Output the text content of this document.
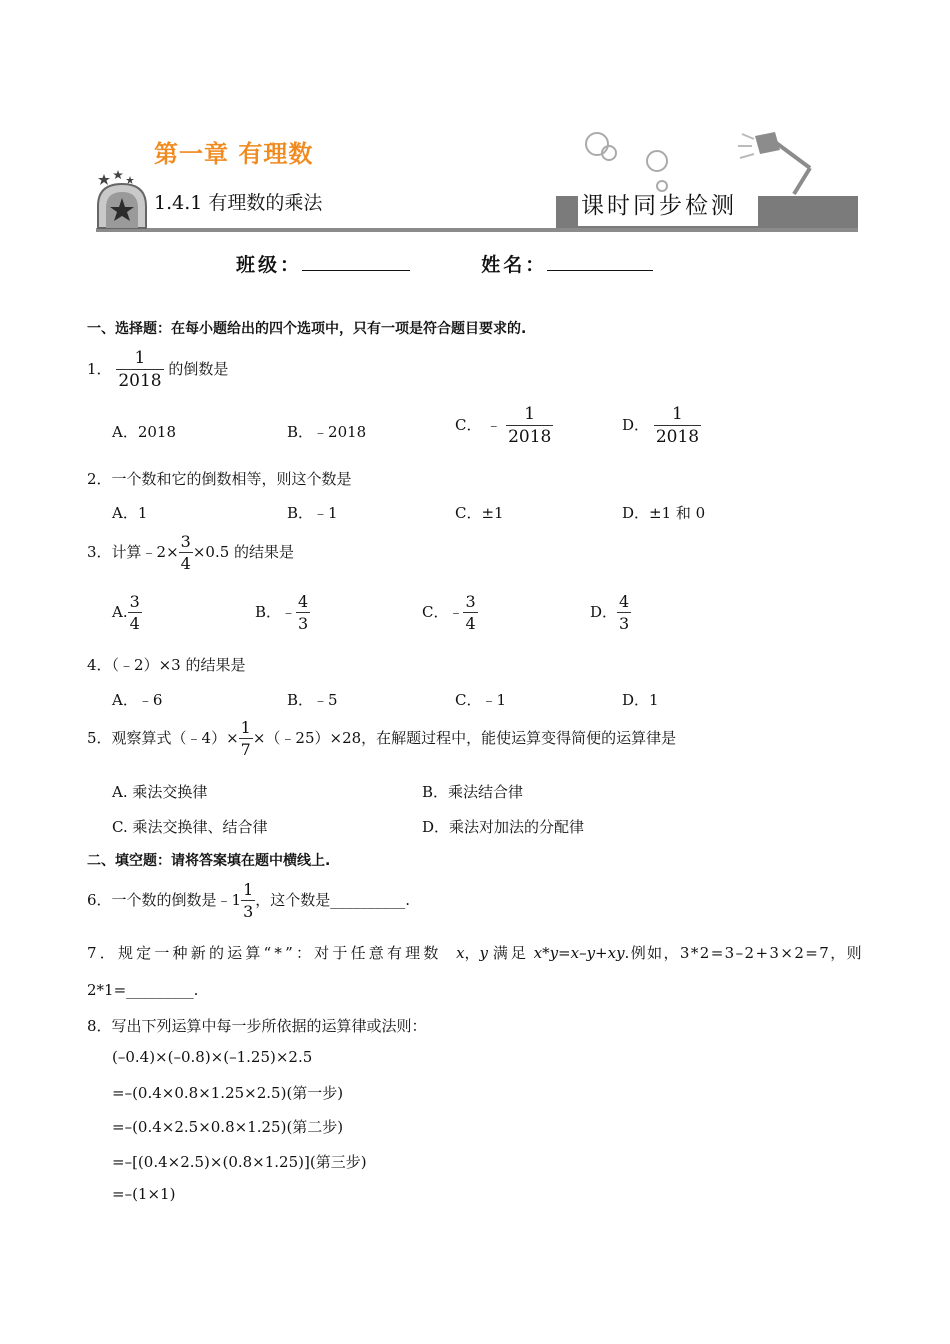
第一章 有理数
1.4.1 有理数的乘法	课时同步检测
班级：	姓名：
一、选择题：在每小题给出的四个选项中，只有一项是符合题目要求的.
1． $\frac{1}{2018}$ 的倒数是
A．2018	B．﹣2018	C． ﹣ $\frac{1}{2018}$	D． $\frac{1}{2018}$
2．一个数和它的倒数相等，则这个数是
A．1	B．﹣1	C．±1	D．±1 和 0
3．计算﹣2× $\frac{3}{4} \times 0.5$ 的结果是
A. $\frac{3}{4}$	B．﹣ $\frac{4}{3}$	C．﹣ $\frac{3}{4}$	D． $\frac{4}{3}$
4．（﹣2）×3 的结果是
A．﹣6	B．﹣5	C．﹣1	D．1
5．观察算式（﹣4）× $\frac{1}{7}$ ×（﹣25）×28，在解题过程中，能使运算变得简便的运算律是
A. 乘法交换律	B．乘法结合律
C. 乘法交换律、结合律	D．乘法对加法的分配律
二、填空题：请将答案填在题中横线上.
6．一个数的倒数是﹣1 $\frac{1}{3}$ ，这个数是__________.
7．规定一种新的运算“*”：对于任意有理数 x，y 满足 x*y=x–y+xy.例如，3*2=3–2+3×2=7，则
2*1=_________.
8．写出下列运算中每一步所依据的运算律或法则：
(–0.4)×(–0.8)×(–1.25)×2.5
=–(0.4×0.8×1.25×2.5)(第一步)
=–(0.4×2.5×0.8×1.25)(第二步)
=–[(0.4×2.5)×(0.8×1.25)](第三步)
=–(1×1)
